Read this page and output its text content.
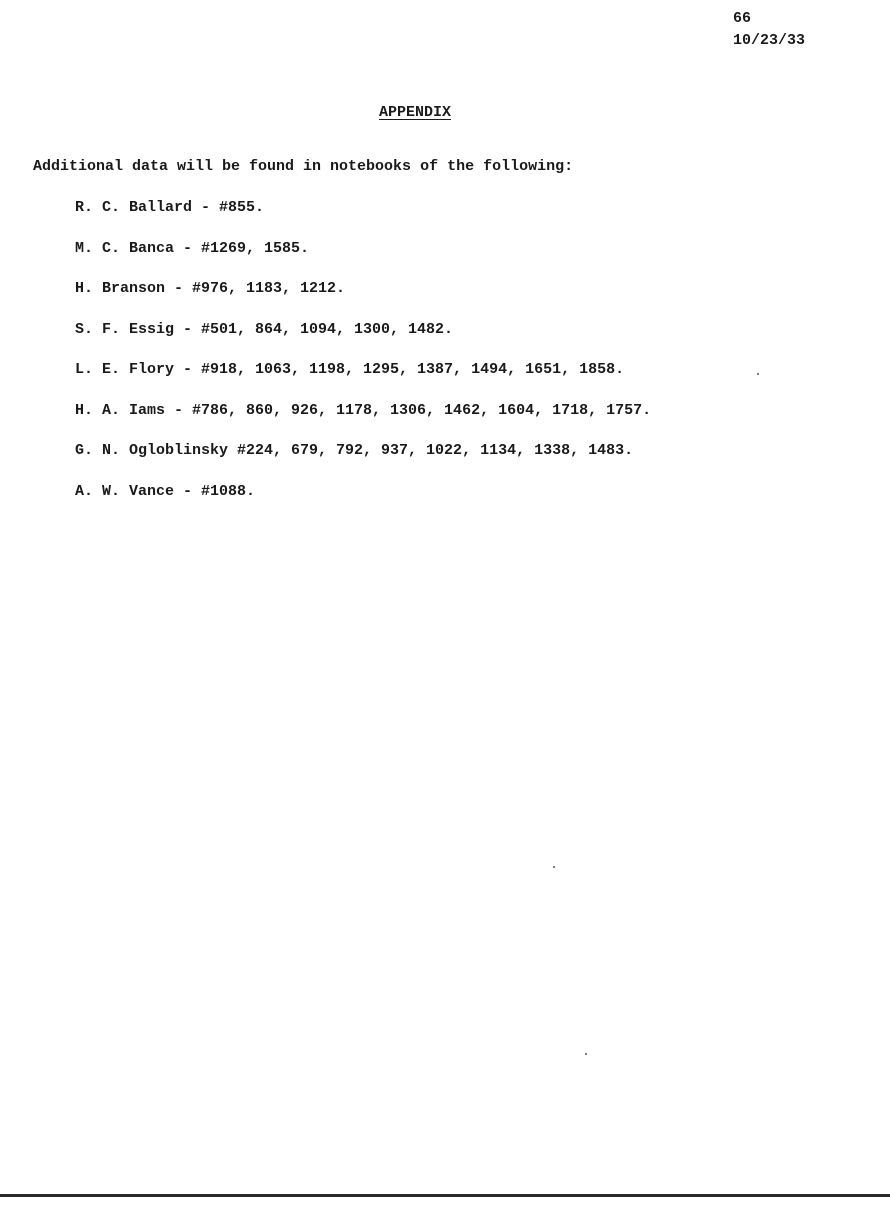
66
10/23/33
APPENDIX
Additional data will be found in notebooks of the following:
R. C. Ballard - #855.
M. C. Banca - #1269, 1585.
H. Branson - #976, 1183, 1212.
S. F. Essig - #501, 864, 1094, 1300, 1482.
L. E. Flory - #918, 1063, 1198, 1295, 1387, 1494, 1651, 1858.
H. A. Iams - #786, 860, 926, 1178, 1306, 1462, 1604, 1718, 1757.
G. N. Ogloblinsky #224, 679, 792, 937, 1022, 1134, 1338, 1483.
A. W. Vance - #1088.
